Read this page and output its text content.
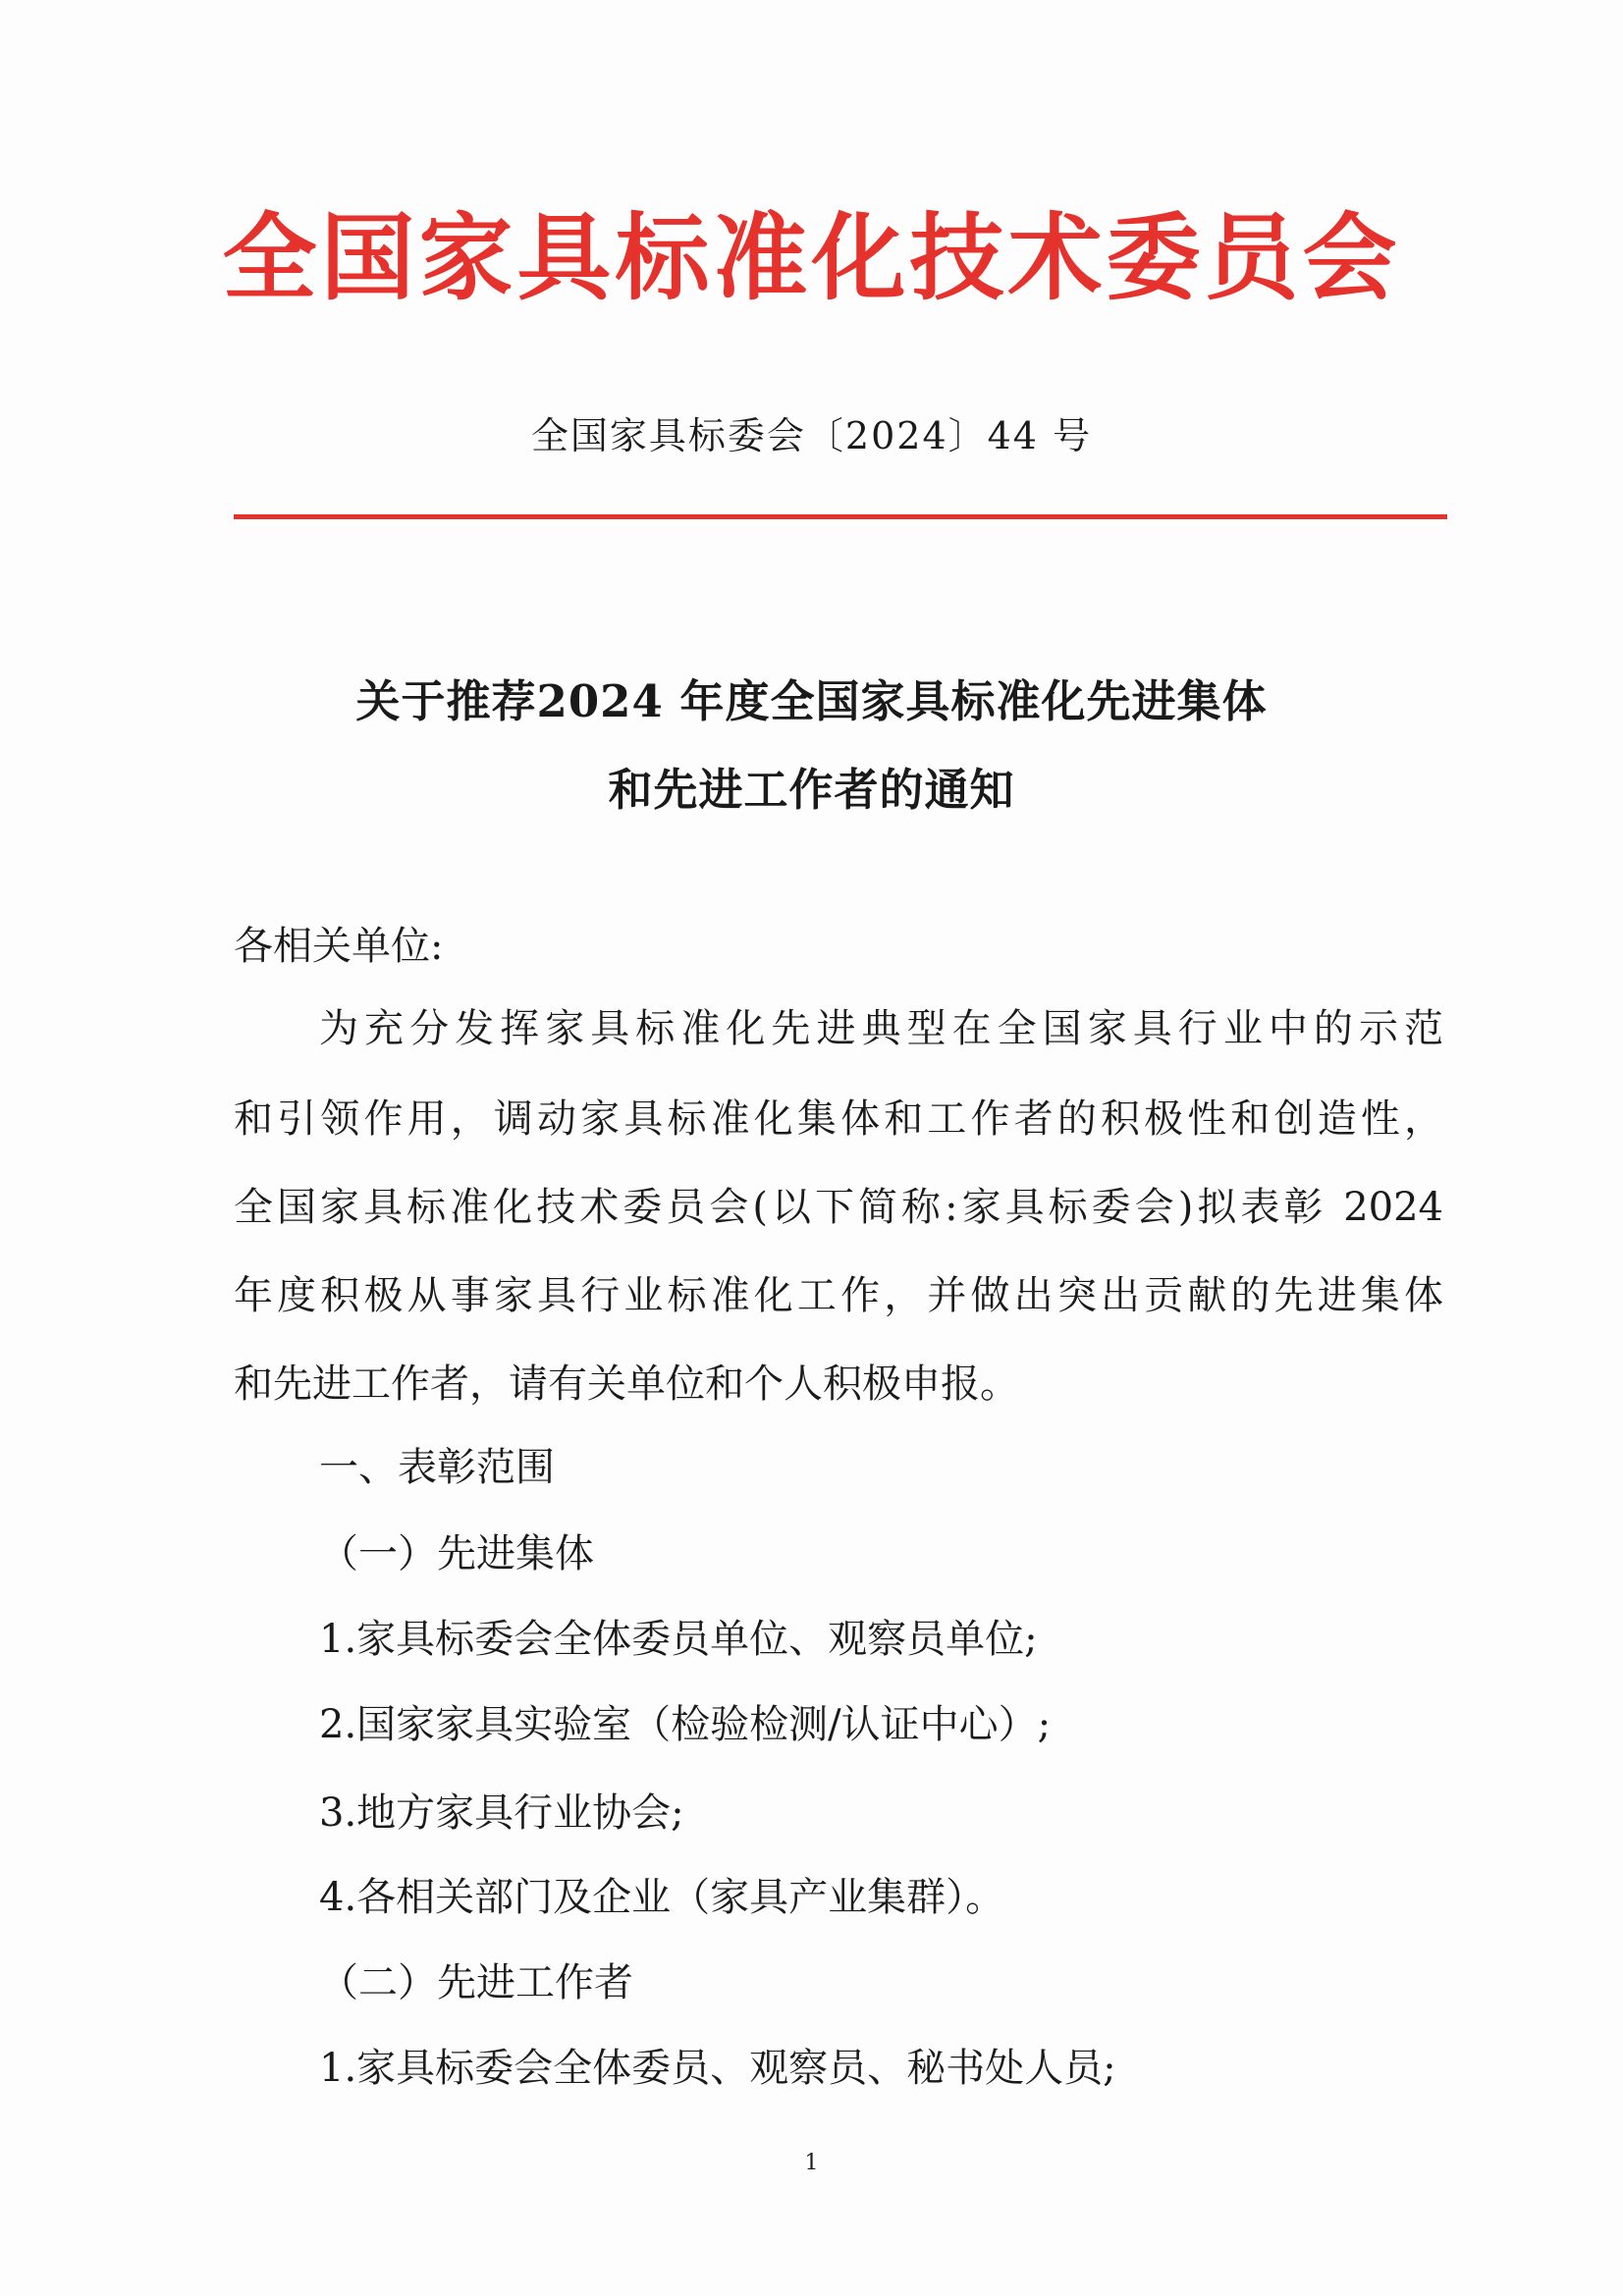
全国家具标准化技术委员会
全国家具标委会〔2024〕44 号
关于推荐2024 年度全国家具标准化先进集体
和先进工作者的通知
各相关单位:
为充分发挥家具标准化先进典型在全国家具行业中的示范
和引领作用，调动家具标准化集体和工作者的积极性和创造性，
全国家具标准化技术委员会(以下简称:家具标委会)拟表彰 2024
年度积极从事家具行业标准化工作，并做出突出贡献的先进集体
和先进工作者，请有关单位和个人积极申报。
一、表彰范围
（一）先进集体
1.家具标委会全体委员单位、观察员单位;
2.国家家具实验室（检验检测/认证中心）;
3.地方家具行业协会;
4.各相关部门及企业（家具产业集群）。
（二）先进工作者
1.家具标委会全体委员、观察员、秘书处人员;
1
